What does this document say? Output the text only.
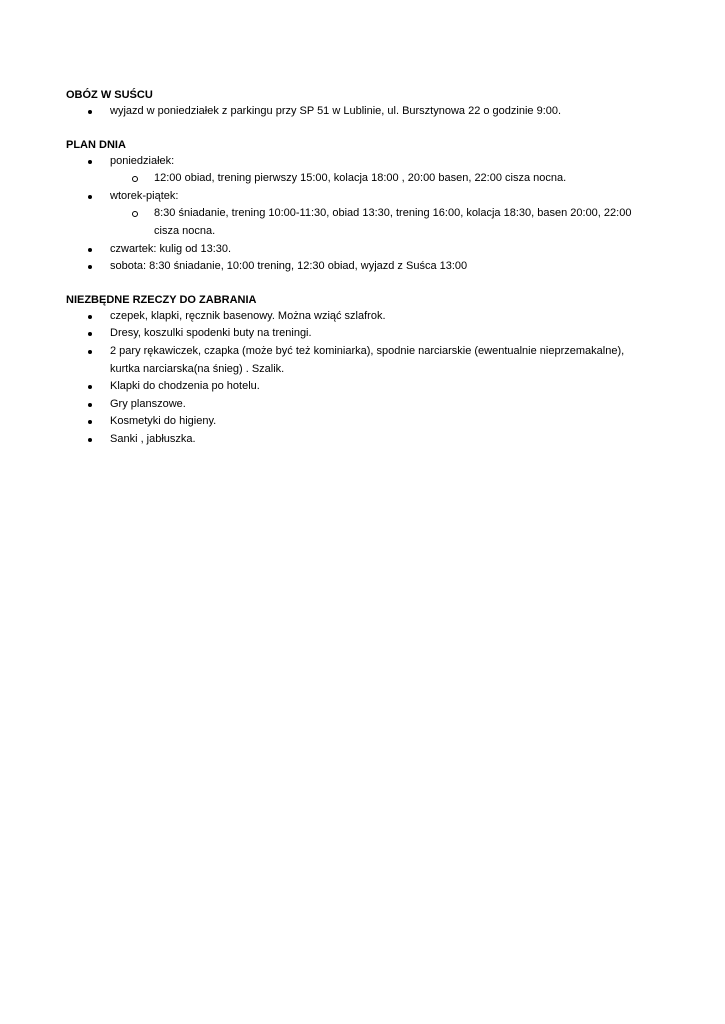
OBÓZ W SUŚCU

wyjazd w poniedziałek z parkingu przy SP 51 w Lublinie, ul. Bursztynowa 22 o godzinie 9:00.

PLAN DNIA

poniedziałek:
12:00 obiad, trening pierwszy 15:00, kolacja 18:00 , 20:00 basen, 22:00 cisza nocna.
wtorek-piątek:
8:30 śniadanie, trening 10:00-11:30, obiad 13:30, trening 16:00, kolacja 18:30, basen 20:00, 22:00 cisza nocna.
czwartek: kulig od 13:30.
sobota: 8:30 śniadanie, 10:00 trening, 12:30 obiad, wyjazd z Suśca 13:00

NIEZBĘDNE RZECZY DO ZABRANIA

czepek, klapki, ręcznik basenowy. Można wziąć szlafrok.
Dresy, koszulki spodenki buty na treningi.
2 pary rękawiczek, czapka (może być też kominiarka), spodnie narciarskie (ewentualnie nieprzemakalne), kurtka narciarska(na śnieg) . Szalik.
Klapki do chodzenia po hotelu.
Gry planszowe.
Kosmetyki do higieny.
Sanki , jabłuszka.
